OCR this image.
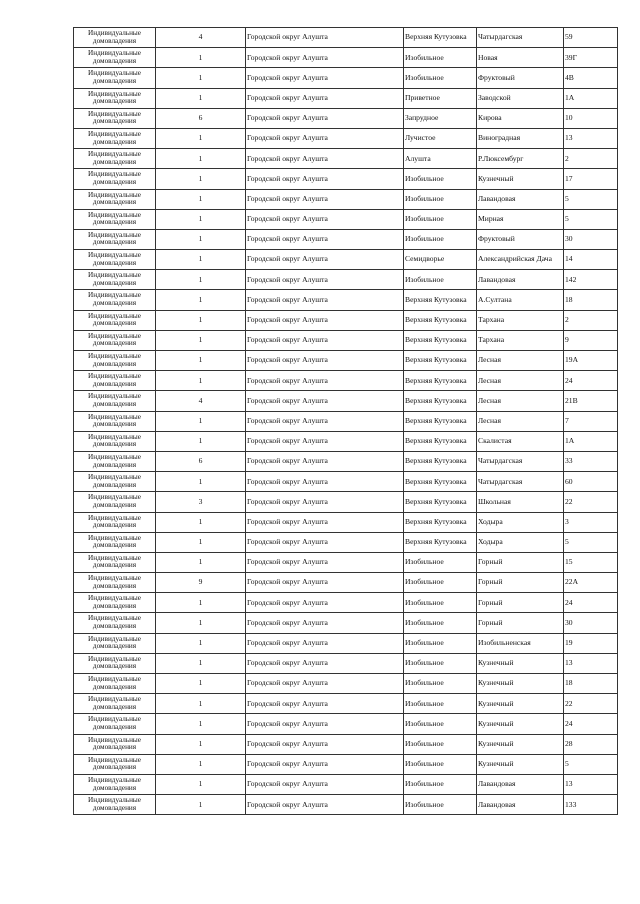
Индивидуальные домовладения	4	Городской округ Алушта	Верхняя Кутузовка	Чатырдагская	59
Индивидуальные домовладения	1	Городской округ Алушта	Изобильное	Новая	39Г
Индивидуальные домовладения	1	Городской округ Алушта	Изобильное	Фруктовый	4В
Индивидуальные домовладения	1	Городской округ Алушта	Приветное	Заводской	1А
Индивидуальные домовладения	6	Городской округ Алушта	Запрудное	Кирова	10
Индивидуальные домовладения	1	Городской округ Алушта	Лучистое	Виноградная	13
Индивидуальные домовладения	1	Городской округ Алушта	Алушта	Р.Люксембург	2
Индивидуальные домовладения	1	Городской округ Алушта	Изобильное	Кузнечный	17
Индивидуальные домовладения	1	Городской округ Алушта	Изобильное	Лавандовая	5
Индивидуальные домовладения	1	Городской округ Алушта	Изобильное	Мирная	5
Индивидуальные домовладения	1	Городской округ Алушта	Изобильное	Фруктовый	30
Индивидуальные домовладения	1	Городской округ Алушта	Семидворье	Александрийская Дача	14
Индивидуальные домовладения	1	Городской округ Алушта	Изобильное	Лавандовая	142
Индивидуальные домовладения	1	Городской округ Алушта	Верхняя Кутузовка	А.Султана	18
Индивидуальные домовладения	1	Городской округ Алушта	Верхняя Кутузовка	Тархана	2
Индивидуальные домовладения	1	Городской округ Алушта	Верхняя Кутузовка	Тархана	9
Индивидуальные домовладения	1	Городской округ Алушта	Верхняя Кутузовка	Лесная	19А
Индивидуальные домовладения	1	Городской округ Алушта	Верхняя Кутузовка	Лесная	24
Индивидуальные домовладения	4	Городской округ Алушта	Верхняя Кутузовка	Лесная	21В
Индивидуальные домовладения	1	Городской округ Алушта	Верхняя Кутузовка	Лесная	7
Индивидуальные домовладения	1	Городской округ Алушта	Верхняя Кутузовка	Скалистая	1А
Индивидуальные домовладения	6	Городской округ Алушта	Верхняя Кутузовка	Чатырдагская	33
Индивидуальные домовладения	1	Городской округ Алушта	Верхняя Кутузовка	Чатырдагская	60
Индивидуальные домовладения	3	Городской округ Алушта	Верхняя Кутузовка	Школьная	22
Индивидуальные домовладения	1	Городской округ Алушта	Верхняя Кутузовка	Ходыра	3
Индивидуальные домовладения	1	Городской округ Алушта	Верхняя Кутузовка	Ходыра	5
Индивидуальные домовладения	1	Городской округ Алушта	Изобильное	Горный	15
Индивидуальные домовладения	9	Городской округ Алушта	Изобильное	Горный	22А
Индивидуальные домовладения	1	Городской округ Алушта	Изобильное	Горный	24
Индивидуальные домовладения	1	Городской округ Алушта	Изобильное	Горный	30
Индивидуальные домовладения	1	Городской округ Алушта	Изобильное	Изобильненская	19
Индивидуальные домовладения	1	Городской округ Алушта	Изобильное	Кузнечный	13
Индивидуальные домовладения	1	Городской округ Алушта	Изобильное	Кузнечный	18
Индивидуальные домовладения	1	Городской округ Алушта	Изобильное	Кузнечный	22
Индивидуальные домовладения	1	Городской округ Алушта	Изобильное	Кузнечный	24
Индивидуальные домовладения	1	Городской округ Алушта	Изобильное	Кузнечный	28
Индивидуальные домовладения	1	Городской округ Алушта	Изобильное	Кузнечный	5
Индивидуальные домовладения	1	Городской округ Алушта	Изобильное	Лавандовая	13
Индивидуальные домовладения	1	Городской округ Алушта	Изобильное	Лавандовая	133
